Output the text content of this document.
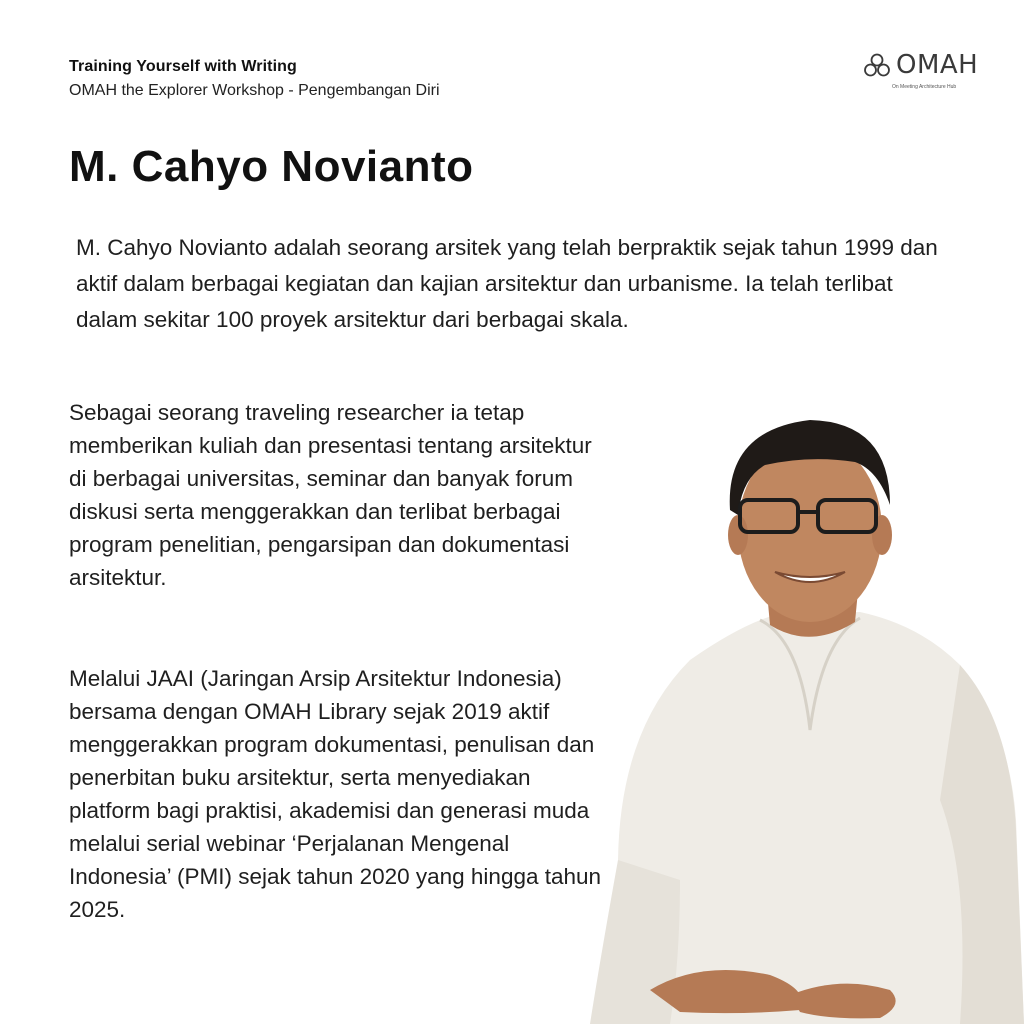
Training Yourself with Writing
OMAH the Explorer Workshop - Pengembangan Diri
OMAH
On Meeting Architecture Hub
M. Cahyo Novianto

M. Cahyo Novianto adalah seorang arsitek yang telah berpraktik sejak tahun 1999 dan aktif dalam berbagai kegiatan dan kajian arsitektur dan urbanisme. Ia telah terlibat dalam sekitar 100 proyek arsitektur dari berbagai skala.

Sebagai seorang traveling researcher ia tetap memberikan kuliah dan presentasi tentang arsitektur di berbagai universitas, seminar dan banyak forum diskusi serta menggerakkan dan terlibat berbagai program penelitian, pengarsipan dan dokumentasi arsitektur.

Melalui JAAI (Jaringan Arsip Arsitektur Indonesia) bersama dengan OMAH Library sejak 2019 aktif menggerakkan program dokumentasi, penulisan dan penerbitan buku arsitektur, serta menyediakan platform bagi praktisi, akademisi dan generasi muda melalui serial webinar ‘Perjalanan Mengenal Indonesia’ (PMI) sejak tahun 2020 yang hingga tahun 2025.
